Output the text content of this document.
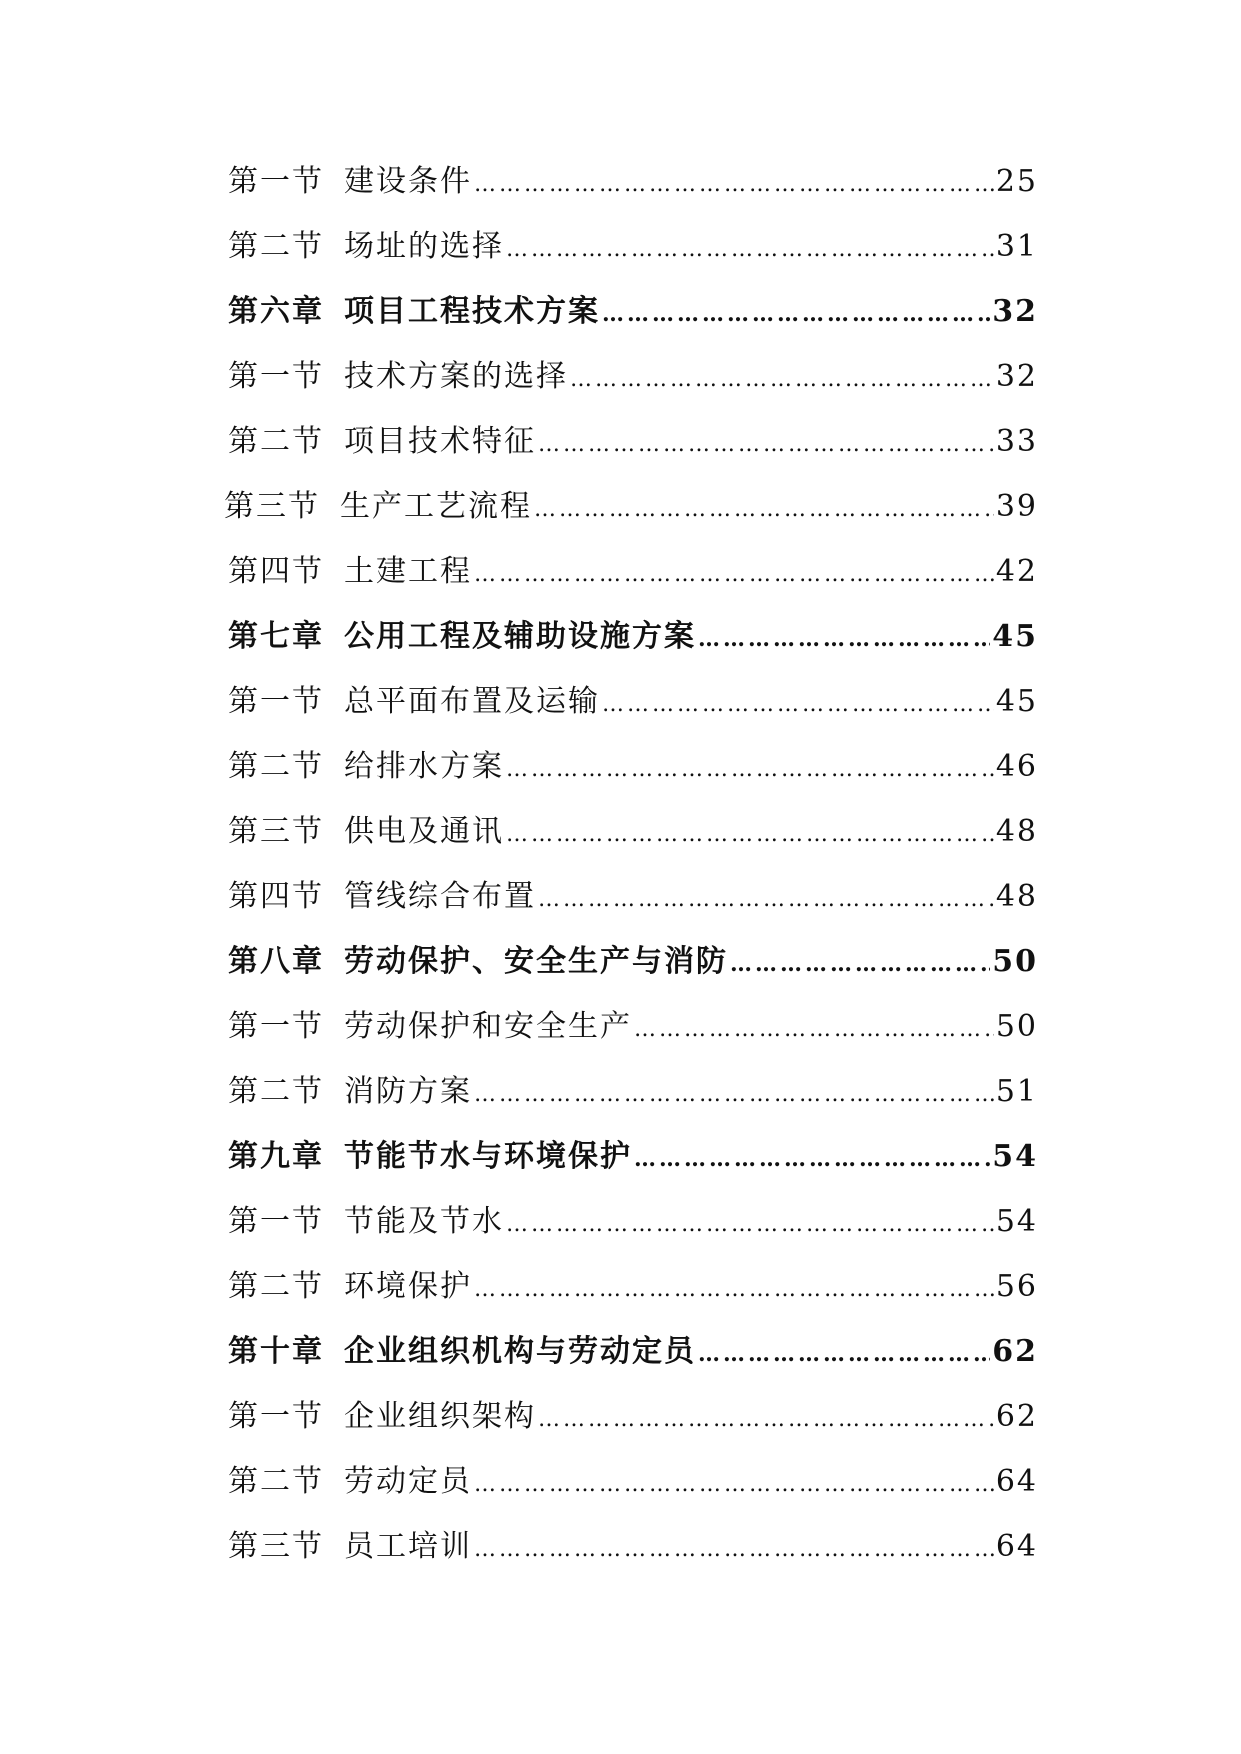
第一节 建设条件 ………………………………………………………………………………………………………………………………………………	25
第二节 场址的选择 ………………………………………………………………………………………………………………………………………………	31
第六章 项目工程技术方案 ………………………………………………………………………………………………………………………………………………	32
第一节 技术方案的选择 ………………………………………………………………………………………………………………………………………………	32
第二节 项目技术特征 ………………………………………………………………………………………………………………………………………………	33
第三节 生产工艺流程 ………………………………………………………………………………………………………………………………………………	39
第四节 土建工程 ………………………………………………………………………………………………………………………………………………	42
第七章 公用工程及辅助设施方案 ………………………………………………………………………………………………………………………………………………	45
第一节 总平面布置及运输 ………………………………………………………………………………………………………………………………………………	45
第二节 给排水方案 ………………………………………………………………………………………………………………………………………………	46
第三节 供电及通讯 ………………………………………………………………………………………………………………………………………………	48
第四节 管线综合布置 ………………………………………………………………………………………………………………………………………………	48
第八章 劳动保护、安全生产与消防 ………………………………………………………………………………………………………………………………………………	50
第一节 劳动保护和安全生产 ………………………………………………………………………………………………………………………………………………	50
第二节 消防方案 ………………………………………………………………………………………………………………………………………………	51
第九章 节能节水与环境保护 ………………………………………………………………………………………………………………………………………………	54
第一节 节能及节水 ………………………………………………………………………………………………………………………………………………	54
第二节 环境保护 ………………………………………………………………………………………………………………………………………………	56
第十章 企业组织机构与劳动定员 ………………………………………………………………………………………………………………………………………………	62
第一节 企业组织架构 ………………………………………………………………………………………………………………………………………………	62
第二节 劳动定员 ………………………………………………………………………………………………………………………………………………	64
第三节 员工培训 ………………………………………………………………………………………………………………………………………………	64
